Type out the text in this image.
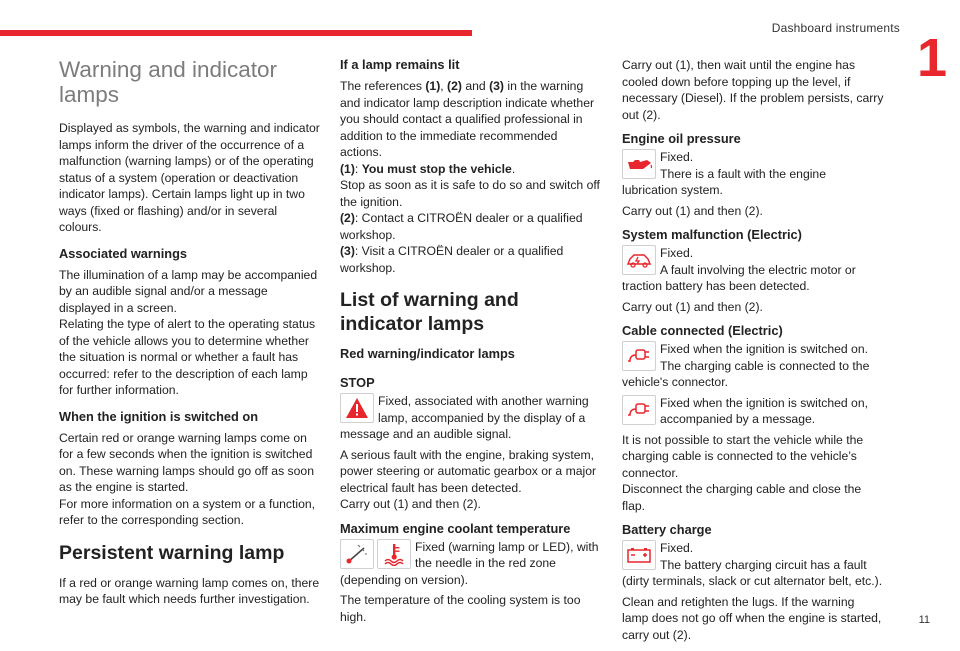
Dashboard instruments 1
11
Warning and indicator lamps

Displayed as symbols, the warning and indicator lamps inform the driver of the occurrence of a malfunction (warning lamps) or of the operating status of a system (operation or deactivation indicator lamps). Certain lamps light up in two ways (fixed or flashing) and/or in several colours.

Associated warnings

The illumination of a lamp may be accompanied by an audible signal and/or a message displayed in a screen.

Relating the type of alert to the operating status of the vehicle allows you to determine whether the situation is normal or whether a fault has occurred: refer to the description of each lamp for further information.

When the ignition is switched on

Certain red or orange warning lamps come on for a few seconds when the ignition is switched on. These warning lamps should go off as soon as the engine is started.

For more information on a system or a function, refer to the corresponding section.

Persistent warning lamp

If a red or orange warning lamp comes on, there may be fault which needs further investigation.

If a lamp remains lit

The references (1), (2) and (3) in the warning and indicator lamp description indicate whether you should contact a qualified professional in addition to the immediate recommended actions.

(1): You must stop the vehicle.
Stop as soon as it is safe to do so and switch off the ignition.

(2): Contact a CITROËN dealer or a qualified workshop.

(3): Visit a CITROËN dealer or a qualified workshop.

List of warning and indicator lamps
Red warning/indicator lamps
STOP
Fixed, associated with another warning lamp, accompanied by the display of a message and an audible signal.

A serious fault with the engine, braking system, power steering or automatic gearbox or a major electrical fault has been detected.

Carry out (1) and then (2).

Maximum engine coolant temperature
Fixed (warning lamp or LED), with the needle in the red zone (depending on version).

The temperature of the cooling system is too high.

Carry out (1), then wait until the engine has cooled down before topping up the level, if necessary (Diesel). If the problem persists, carry out (2).

Engine oil pressure
Fixed.
There is a fault with the engine lubrication system.

Carry out (1) and then (2).

System malfunction (Electric)
Fixed.
A fault involving the electric motor or traction battery has been detected.

Carry out (1) and then (2).

Cable connected (Electric)
Fixed when the ignition is switched on. The charging cable is connected to the vehicle's connector.
Fixed when the ignition is switched on, accompanied by a message.

It is not possible to start the vehicle while the charging cable is connected to the vehicle’s connector.

Disconnect the charging cable and close the flap.

Battery charge
Fixed.
The battery charging circuit has a fault (dirty terminals, slack or cut alternator belt, etc.).

Clean and retighten the lugs. If the warning lamp does not go off when the engine is started, carry out (2).
